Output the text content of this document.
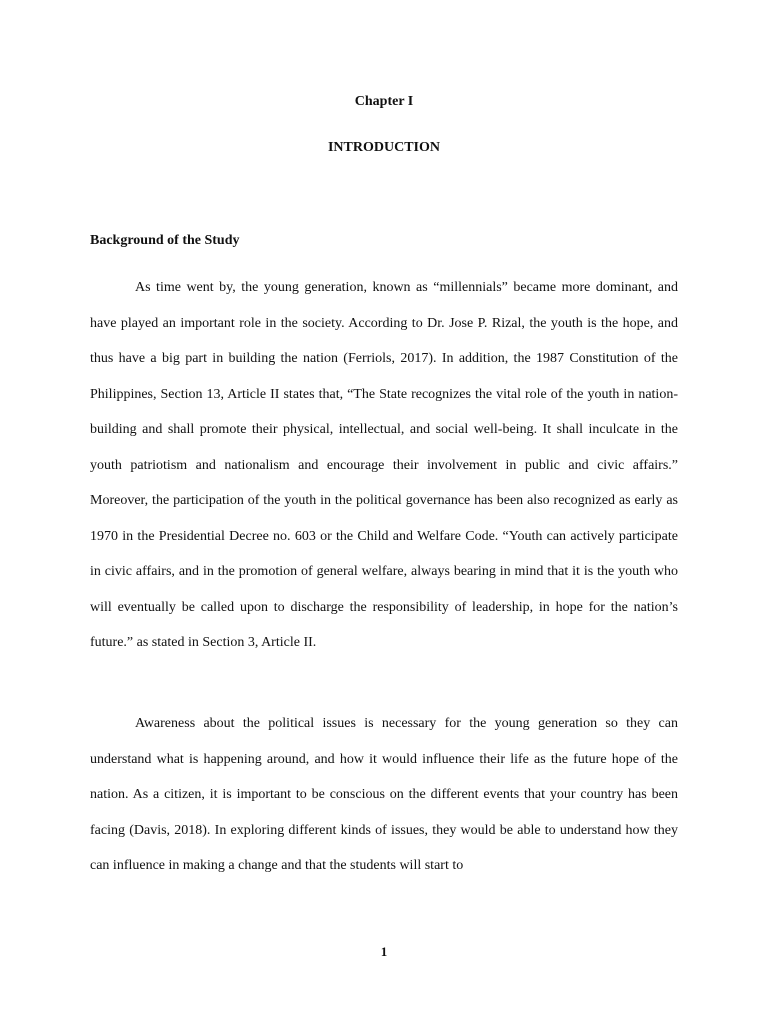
Chapter I
INTRODUCTION
Background of the Study

As time went by, the young generation, known as “millennials” became more dominant, and have played an important role in the society. According to Dr. Jose P. Rizal, the youth is the hope, and thus have a big part in building the nation (Ferriols, 2017). In addition, the 1987 Constitution of the Philippines, Section 13, Article II states that, “The State recognizes the vital role of the youth in nation-building and shall promote their physical, intellectual, and social well-being. It shall inculcate in the youth patriotism and nationalism and encourage their involvement in public and civic affairs.” Moreover, the participation of the youth in the political governance has been also recognized as early as 1970 in the Presidential Decree no. 603 or the Child and Welfare Code. “Youth can actively participate in civic affairs, and in the promotion of general welfare, always bearing in mind that it is the youth who will eventually be called upon to discharge the responsibility of leadership, in hope for the nation’s future.” as stated in Section 3, Article II.

Awareness about the political issues is necessary for the young generation so they can understand what is happening around, and how it would influence their life as the future hope of the nation. As a citizen, it is important to be conscious on the different events that your country has been facing (Davis, 2018). In exploring different kinds of issues, they would be able to understand how they can influence in making a change and that the students will start to

1
